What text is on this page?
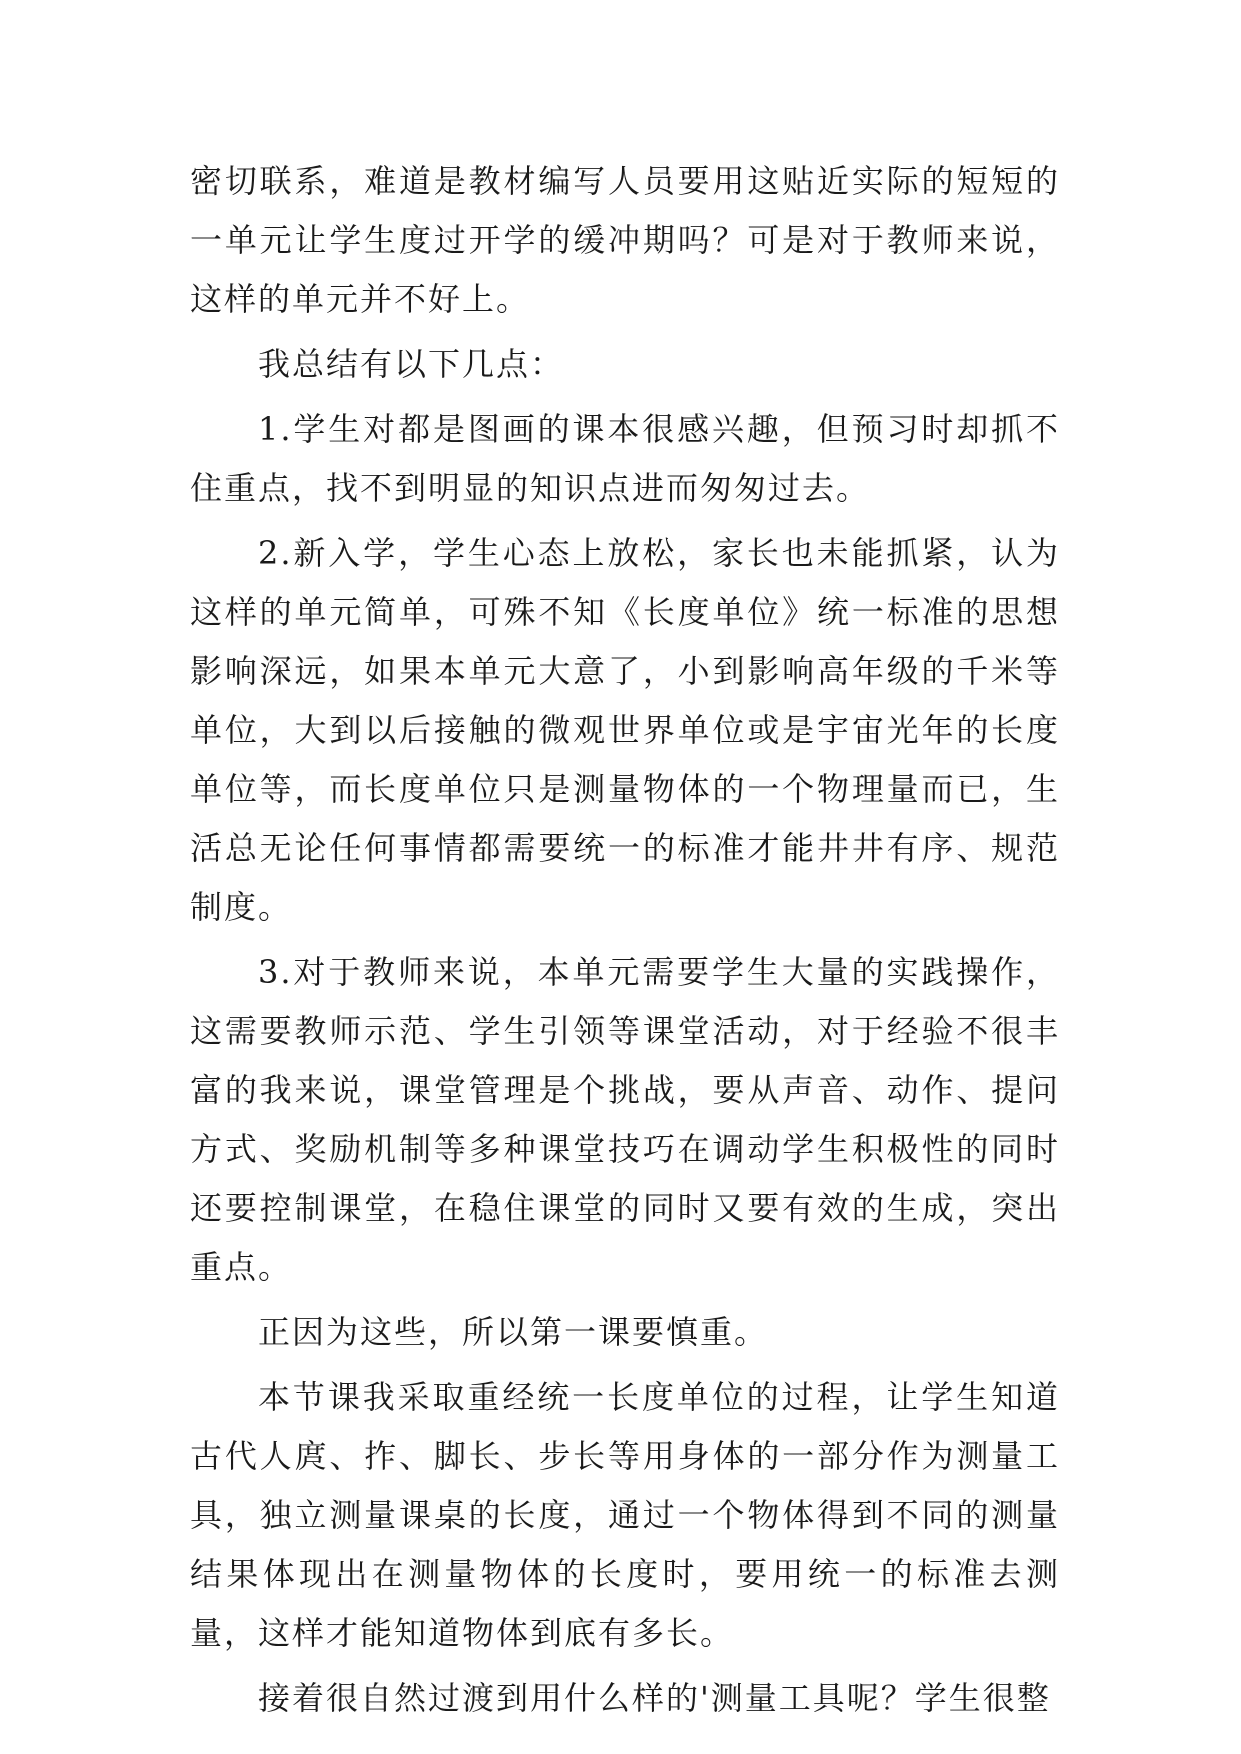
密切联系，难道是教材编写人员要用这贴近实际的短短的一单元让学生度过开学的缓冲期吗？可是对于教师来说，这样的单元并不好上。

我总结有以下几点：

1.学生对都是图画的课本很感兴趣，但预习时却抓不住重点，找不到明显的知识点进而匆匆过去。

2.新入学，学生心态上放松，家长也未能抓紧，认为这样的单元简单，可殊不知《长度单位》统一标准的思想影响深远，如果本单元大意了，小到影响高年级的千米等单位，大到以后接触的微观世界单位或是宇宙光年的长度单位等，而长度单位只是测量物体的一个物理量而已，生活总无论任何事情都需要统一的标准才能井井有序、规范制度。

3.对于教师来说，本单元需要学生大量的实践操作，这需要教师示范、学生引领等课堂活动，对于经验不很丰富的我来说，课堂管理是个挑战，要从声音、动作、提问方式、奖励机制等多种课堂技巧在调动学生积极性的同时还要控制课堂，在稳住课堂的同时又要有效的生成，突出重点。

正因为这些，所以第一课要慎重。

本节课我采取重经统一长度单位的过程，让学生知道古代人庹、拃、脚长、步长等用身体的一部分作为测量工具，独立测量课桌的长度，通过一个物体得到不同的测量结果体现出在测量物体的长度时，要用统一的标准去测量，这样才能知道物体到底有多长。

接着很自然过渡到用什么样的'测量工具呢？学生很整
